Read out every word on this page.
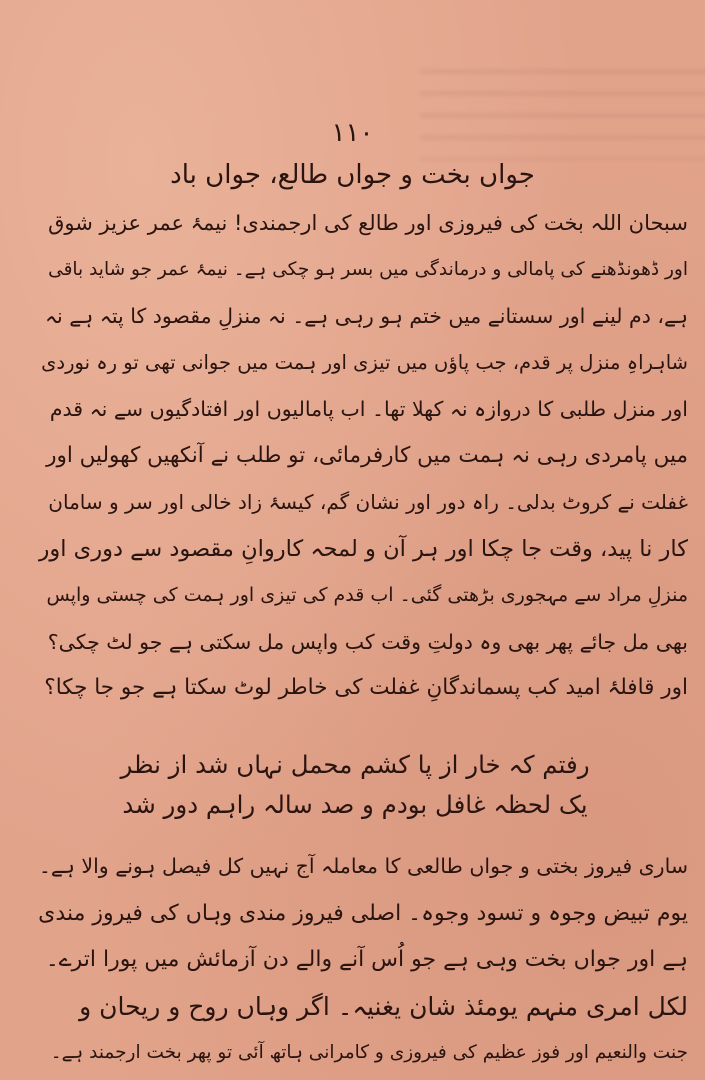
۱۱۰
جواں بخت و جواں طالع، جواں باد
سبحان اللہ بخت کی فیروزی اور طالع کی ارجمندی! نیمۂ عمر عزیز شوق
اور ڈھونڈھنے کی پامالی و درماندگی میں بسر ہو چکی ہے۔ نیمۂ عمر جو شاید باقی
ہے، دم لینے اور سستانے میں ختم ہو رہی ہے۔ نہ منزلِ مقصود کا پتہ ہے نہ
شاہراہِ منزل پر قدم، جب پاؤں میں تیزی اور ہمت میں جوانی تھی تو رہ نوردی
اور منزل طلبی کا دروازہ نہ کھلا تھا۔ اب پامالیوں اور افتادگیوں سے نہ قدم
میں پامردی رہی نہ ہمت میں کارفرمائی، تو طلب نے آنکھیں کھولیں اور
غفلت نے کروٹ بدلی۔ راہ دور اور نشان گم، کیسۂ زاد خالی اور سر و سامان
کار نا پید، وقت جا چکا اور ہر آن و لمحہ کاروانِ مقصود سے دوری اور
منزلِ مراد سے مہجوری بڑھتی گئی۔ اب قدم کی تیزی اور ہمت کی چستی واپس
بھی مل جائے پھر بھی وہ دولتِ وقت کب واپس مل سکتی ہے جو لٹ چکی؟
اور قافلۂ امید کب پسماندگانِ غفلت کی خاطر لوٹ سکتا ہے جو جا چکا؟
رفتم کہ خار از پا کشم محمل نہاں شد از نظر
یک لحظہ غافل بودم و صد سالہ راہم دور شد
ساری فیروز بختی و جواں طالعی کا معاملہ آج نہیں کل فیصل ہونے والا ہے۔
یوم تبیض وجوہ و تسود وجوہ۔ اصلی فیروز مندی وہاں کی فیروز مندی
ہے اور جواں بخت وہی ہے جو اُس آنے والے دن آزمائش میں پورا اترے۔
لکل امری منہم یومئذ شان یغنیہ۔ اگر وہاں روح و ریحان و
جنت والنعیم اور فوز عظیم کی فیروزی و کامرانی ہاتھ آئی تو پھر بخت ارجمند ہے۔
